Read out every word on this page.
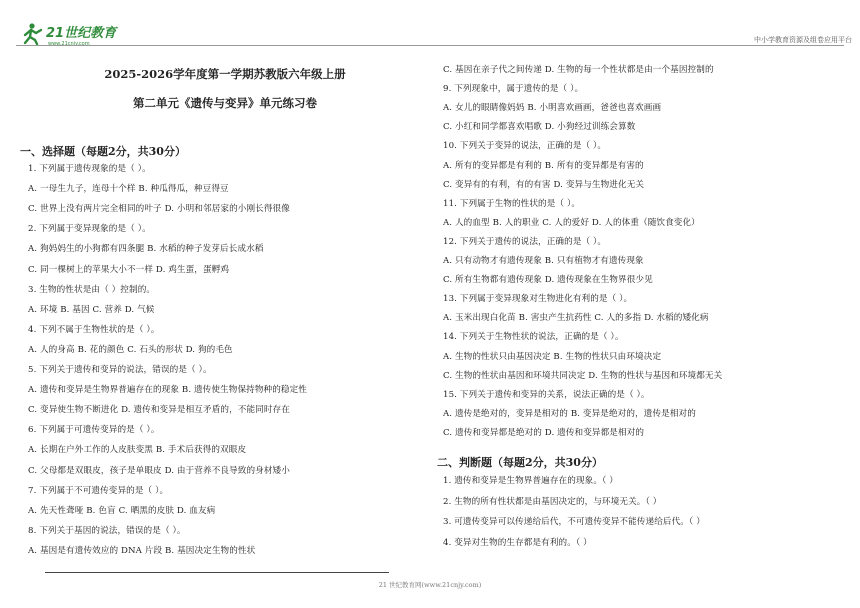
21世纪教育
www.21cnjy.com	中小学教育资源及组卷应用平台
2025-2026学年度第一学期苏教版六年级上册
第二单元《遗传与变异》单元练习卷
一、选择题（每题2分，共30分）
1. 下列属于遗传现象的是（ ）。
A. 一母生九子，连母十个样 B. 种瓜得瓜，种豆得豆
C. 世界上没有两片完全相同的叶子 D. 小明和邻居家的小刚长得很像
2. 下列属于变异现象的是（ ）。
A. 狗妈妈生的小狗都有四条腿 B. 水稻的种子发芽后长成水稻
C. 同一棵树上的苹果大小不一样 D. 鸡生蛋，蛋孵鸡
3. 生物的性状是由（ ）控制的。
A. 环境 B. 基因 C. 营养 D. 气候
4. 下列不属于生物性状的是（ ）。
A. 人的身高 B. 花的颜色 C. 石头的形状 D. 狗的毛色
5. 下列关于遗传和变异的说法，错误的是（ ）。
A. 遗传和变异是生物界普遍存在的现象 B. 遗传使生物保持物种的稳定性
C. 变异使生物不断进化 D. 遗传和变异是相互矛盾的，不能同时存在
6. 下列属于可遗传变异的是（ ）。
A. 长期在户外工作的人皮肤变黑 B. 手术后获得的双眼皮
C. 父母都是双眼皮，孩子是单眼皮 D. 由于营养不良导致的身材矮小
7. 下列属于不可遗传变异的是（ ）。
A. 先天性聋哑 B. 色盲 C. 晒黑的皮肤 D. 血友病
8. 下列关于基因的说法，错误的是（ ）。
A. 基因是有遗传效应的 DNA 片段 B. 基因决定生物的性状
C. 基因在亲子代之间传递 D. 生物的每一个性状都是由一个基因控制的
9. 下列现象中，属于遗传的是（ ）。
A. 女儿的眼睛像妈妈 B. 小明喜欢画画，爸爸也喜欢画画
C. 小红和同学都喜欢唱歌 D. 小狗经过训练会算数
10. 下列关于变异的说法，正确的是（ ）。
A. 所有的变异都是有利的 B. 所有的变异都是有害的
C. 变异有的有利，有的有害 D. 变异与生物进化无关
11. 下列属于生物的性状的是（ ）。
A. 人的血型 B. 人的职业 C. 人的爱好 D. 人的体重（随饮食变化）
12. 下列关于遗传的说法，正确的是（ ）。
A. 只有动物才有遗传现象 B. 只有植物才有遗传现象
C. 所有生物都有遗传现象 D. 遗传现象在生物界很少见
13. 下列属于变异现象对生物进化有利的是（ ）。
A. 玉米出现白化苗 B. 害虫产生抗药性 C. 人的多指 D. 水稻的矮化病
14. 下列关于生物性状的说法，正确的是（ ）。
A. 生物的性状只由基因决定 B. 生物的性状只由环境决定
C. 生物的性状由基因和环境共同决定 D. 生物的性状与基因和环境都无关
15. 下列关于遗传和变异的关系，说法正确的是（ ）。
A. 遗传是绝对的，变异是相对的 B. 变异是绝对的，遗传是相对的
C. 遗传和变异都是绝对的 D. 遗传和变异都是相对的
二、判断题（每题2分，共30分）
1. 遗传和变异是生物界普遍存在的现象。（ ）
2. 生物的所有性状都是由基因决定的，与环境无关。（ ）
3. 可遗传变异可以传递给后代，不可遗传变异不能传递给后代。（ ）
4. 变异对生物的生存都是有利的。（ ）
21 世纪教育网(www.21cnjy.com)
